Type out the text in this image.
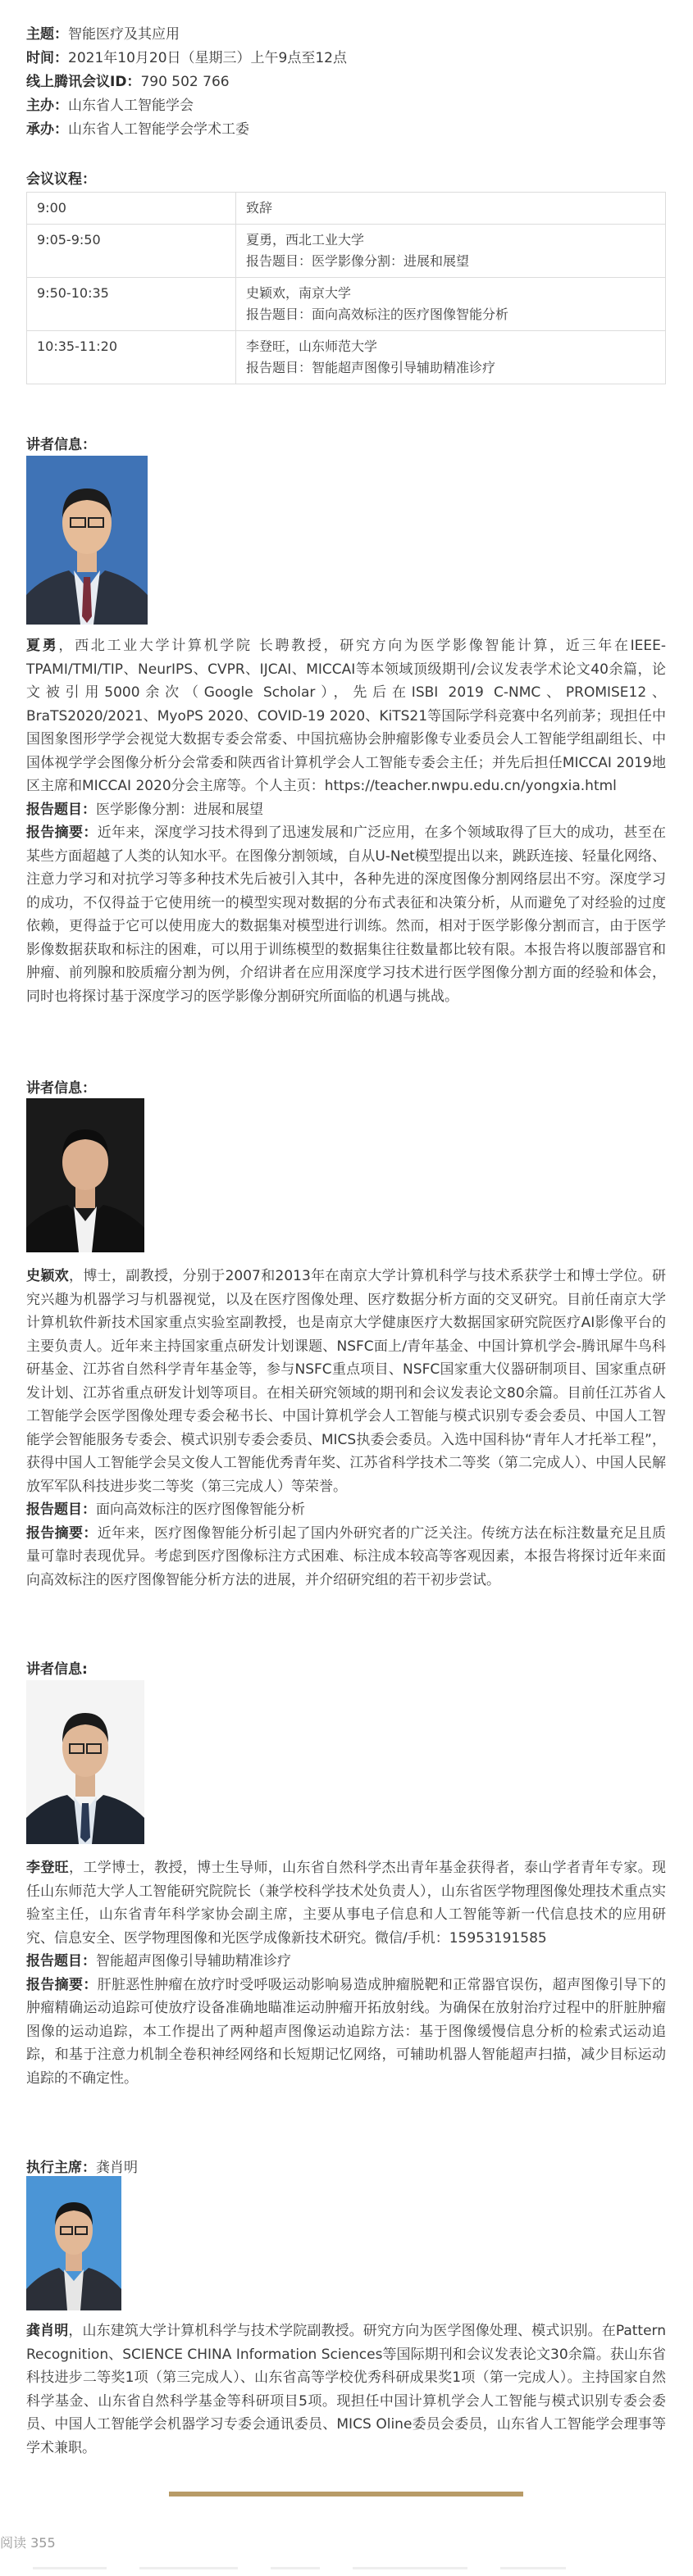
主题： 智能医疗及其应用
时间： 2021年10月20日（星期三）上午9点至12点
线上腾讯会议ID： 790 502 766
主办： 山东省人工智能学会
承办： 山东省人工智能学会学术工委
会议议程：
9:00	致辞

9:05-9:50	夏勇，西北工业大学
报告题目：医学影像分割：进展和展望

9:50-10:35	史颖欢，南京大学
报告题目：面向高效标注的医疗图像智能分析

10:35-11:20	李登旺，山东师范大学
报告题目：智能超声图像引导辅助精准诊疗
讲者信息：

夏勇，西北工业大学计算机学院 长聘教授，研究方向为医学影像智能计算，近三年在IEEE-TPAMI/TMI/TIP、NeurIPS、CVPR、IJCAI、MICCAI等本领域顶级期刊/会议发表学术论文40余篇，论文被引用5000余次（Google Scholar），先后在ISBI 2019 C-NMC、PROMISE12、BraTS2020/2021、MyoPS 2020、COVID-19 2020、KiTS21等国际学科竞赛中名列前茅；现担任中国图象图形学学会视觉大数据专委会常委、中国抗癌协会肿瘤影像专业委员会人工智能学组副组长、中国体视学学会图像分析分会常委和陕西省计算机学会人工智能专委会主任；并先后担任MICCAI 2019地区主席和MICCAI 2020分会主席等。个人主页：https://teacher.nwpu.edu.cn/yongxia.html

报告题目：医学影像分割：进展和展望

报告摘要：近年来，深度学习技术得到了迅速发展和广泛应用，在多个领域取得了巨大的成功，甚至在某些方面超越了人类的认知水平。在图像分割领域，自从U-Net模型提出以来，跳跃连接、轻量化网络、注意力学习和对抗学习等多种技术先后被引入其中，各种先进的深度图像分割网络层出不穷。深度学习的成功，不仅得益于它使用统一的模型实现对数据的分布式表征和决策分析，从而避免了对经验的过度依赖，更得益于它可以使用庞大的数据集对模型进行训练。然而，相对于医学影像分割而言，由于医学影像数据获取和标注的困难，可以用于训练模型的数据集往往数量都比较有限。本报告将以腹部器官和肿瘤、前列腺和胶质瘤分割为例，介绍讲者在应用深度学习技术进行医学图像分割方面的经验和体会，同时也将探讨基于深度学习的医学影像分割研究所面临的机遇与挑战。

讲者信息：

史颖欢，博士，副教授，分别于2007和2013年在南京大学计算机科学与技术系获学士和博士学位。研究兴趣为机器学习与机器视觉，以及在医疗图像处理、医疗数据分析方面的交叉研究。目前任南京大学计算机软件新技术国家重点实验室副教授，也是南京大学健康医疗大数据国家研究院医疗AI影像平台的主要负责人。近年来主持国家重点研发计划课题、NSFC面上/青年基金、中国计算机学会-腾讯犀牛鸟科研基金、江苏省自然科学青年基金等，参与NSFC重点项目、NSFC国家重大仪器研制项目、国家重点研发计划、江苏省重点研发计划等项目。在相关研究领域的期刊和会议发表论文80余篇。目前任江苏省人工智能学会医学图像处理专委会秘书长、中国计算机学会人工智能与模式识别专委会委员、中国人工智能学会智能服务专委会、模式识别专委会委员、MICS执委会委员。入选中国科协“青年人才托举工程”，获得中国人工智能学会吴文俊人工智能优秀青年奖、江苏省科学技术二等奖（第二完成人）、中国人民解放军军队科技进步奖二等奖（第三完成人）等荣誉。

报告题目：面向高效标注的医疗图像智能分析

报告摘要：近年来，医疗图像智能分析引起了国内外研究者的广泛关注。传统方法在标注数量充足且质量可靠时表现优异。考虑到医疗图像标注方式困难、标注成本较高等客观因素，本报告将探讨近年来面向高效标注的医疗图像智能分析方法的进展，并介绍研究组的若干初步尝试。

讲者信息:

李登旺，工学博士，教授，博士生导师，山东省自然科学杰出青年基金获得者，泰山学者青年专家。现任山东师范大学人工智能研究院院长（兼学校科学技术处负责人），山东省医学物理图像处理技术重点实验室主任，山东省青年科学家协会副主席，主要从事电子信息和人工智能等新一代信息技术的应用研究、信息安全、医学物理图像和光医学成像新技术研究。微信/手机：15953191585

报告题目：智能超声图像引导辅助精准诊疗

报告摘要：肝脏恶性肿瘤在放疗时受呼吸运动影响易造成肿瘤脱靶和正常器官误伤，超声图像引导下的肿瘤精确运动追踪可使放疗设备准确地瞄准运动肿瘤开拓放射线。为确保在放射治疗过程中的肝脏肿瘤图像的运动追踪，本工作提出了两种超声图像运动追踪方法：基于图像缓慢信息分析的检索式运动追踪，和基于注意力机制全卷积神经网络和长短期记忆网络，可辅助机器人智能超声扫描，减少目标运动追踪的不确定性。

执行主席：龚肖明

龚肖明，山东建筑大学计算机科学与技术学院副教授。研究方向为医学图像处理、模式识别。在Pattern Recognition、SCIENCE CHINA Information Sciences等国际期刊和会议发表论文30余篇。获山东省科技进步二等奖1项（第三完成人）、山东省高等学校优秀科研成果奖1项（第一完成人）。主持国家自然科学基金、山东省自然科学基金等科研项目5项。现担任中国计算机学会人工智能与模式识别专委会委员、中国人工智能学会机器学习专委会通讯委员、MICS Oline委员会委员，山东省人工智能学会理事等学术兼职。

阅读 355
